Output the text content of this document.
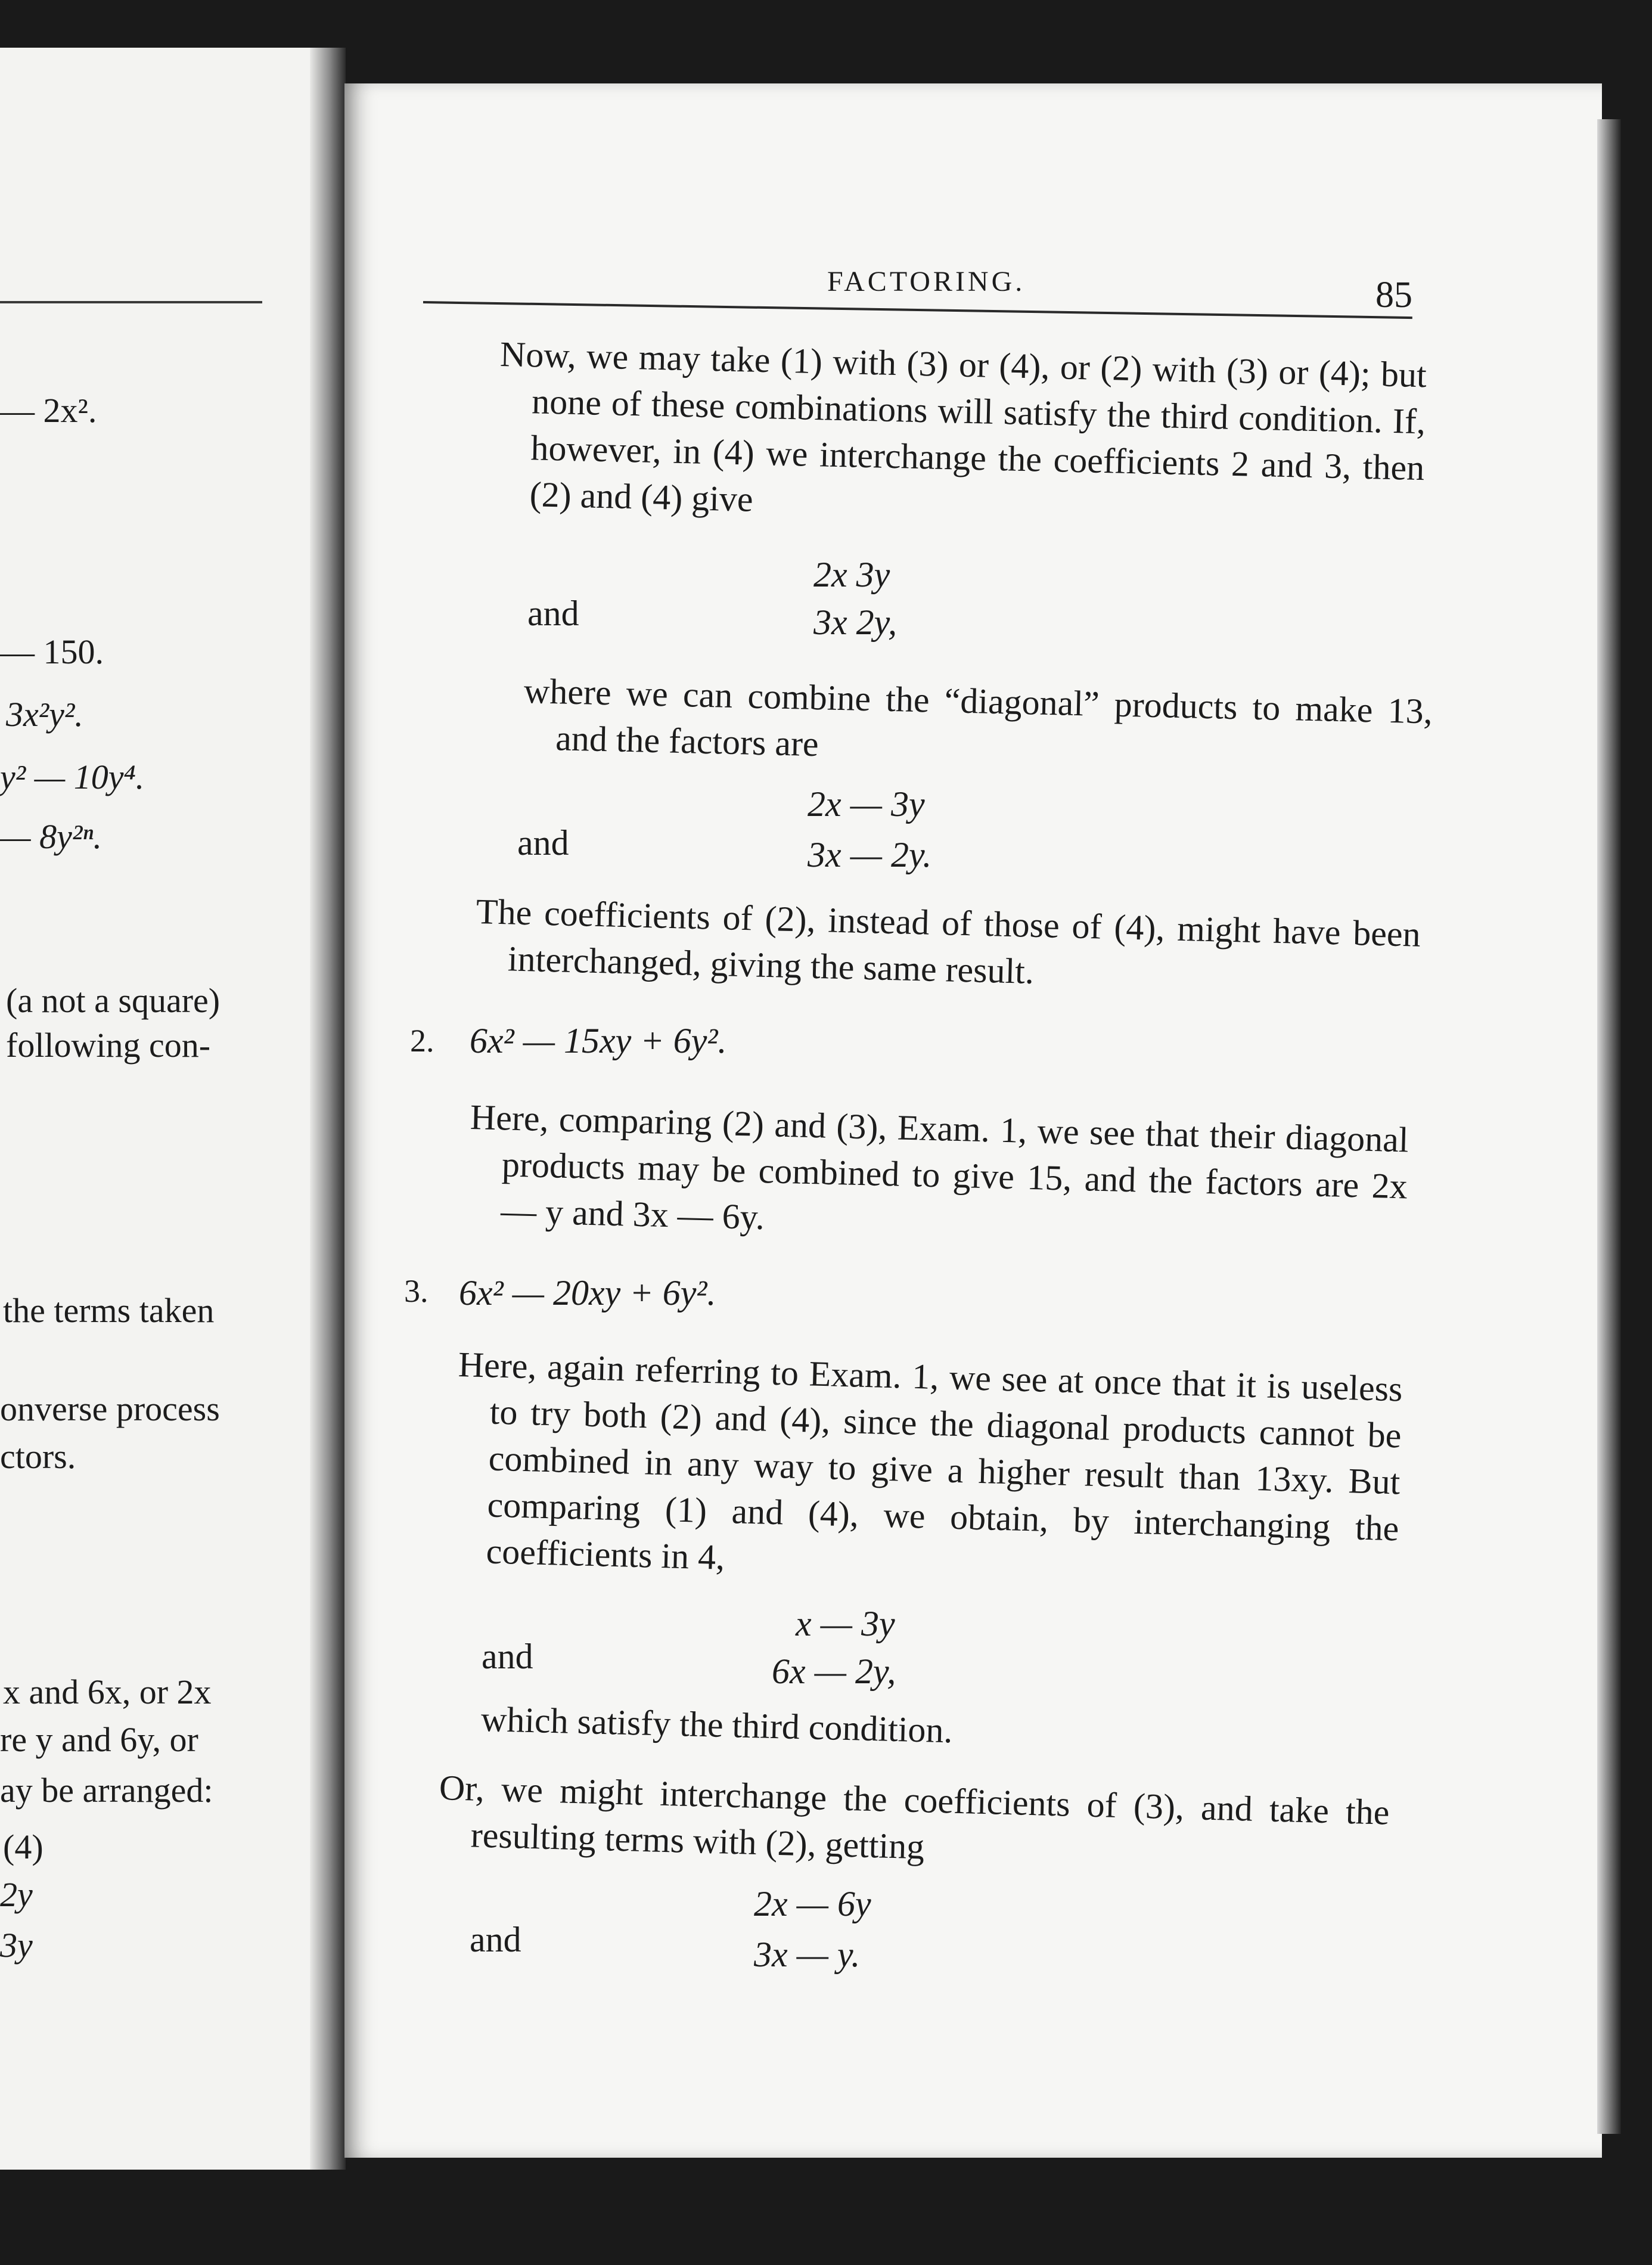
— 2x².
— 150.
3x²y².
y² — 10y⁴.
— 8y²ⁿ.
(a not a square)
following con-
the terms taken
onverse process
ctors.
x and 6x, or 2x
re y and 6y, or
ay be arranged:
(4)
2y
3y
FACTORING.	85
Now, we may take (1) with (3) or (4), or (2) with (3) or (4); but none of these combinations will satisfy the third condition. If, however, in (4) we interchange the coefficients 2 and 3, then (2) and (4) give
2x 3y
and	3x 2y,
where we can combine the “diagonal” products to make 13, and the factors are
2x — 3y
and	3x — 2y.
The coefficients of (2), instead of those of (4), might have been interchanged, giving the same result.
2. 6x² — 15xy + 6y².
Here, comparing (2) and (3), Exam. 1, we see that their diagonal products may be combined to give 15, and the factors are 2x — y and 3x — 6y.
3. 6x² — 20xy + 6y².
Here, again referring to Exam. 1, we see at once that it is useless to try both (2) and (4), since the diagonal products cannot be combined in any way to give a higher result than 13xy. But comparing (1) and (4), we obtain, by interchanging the coefficients in 4,
x — 3y
and	6x — 2y,
which satisfy the third condition.
Or, we might interchange the coefficients of (3), and take the resulting terms with (2), getting
2x — 6y
and	3x — y.
